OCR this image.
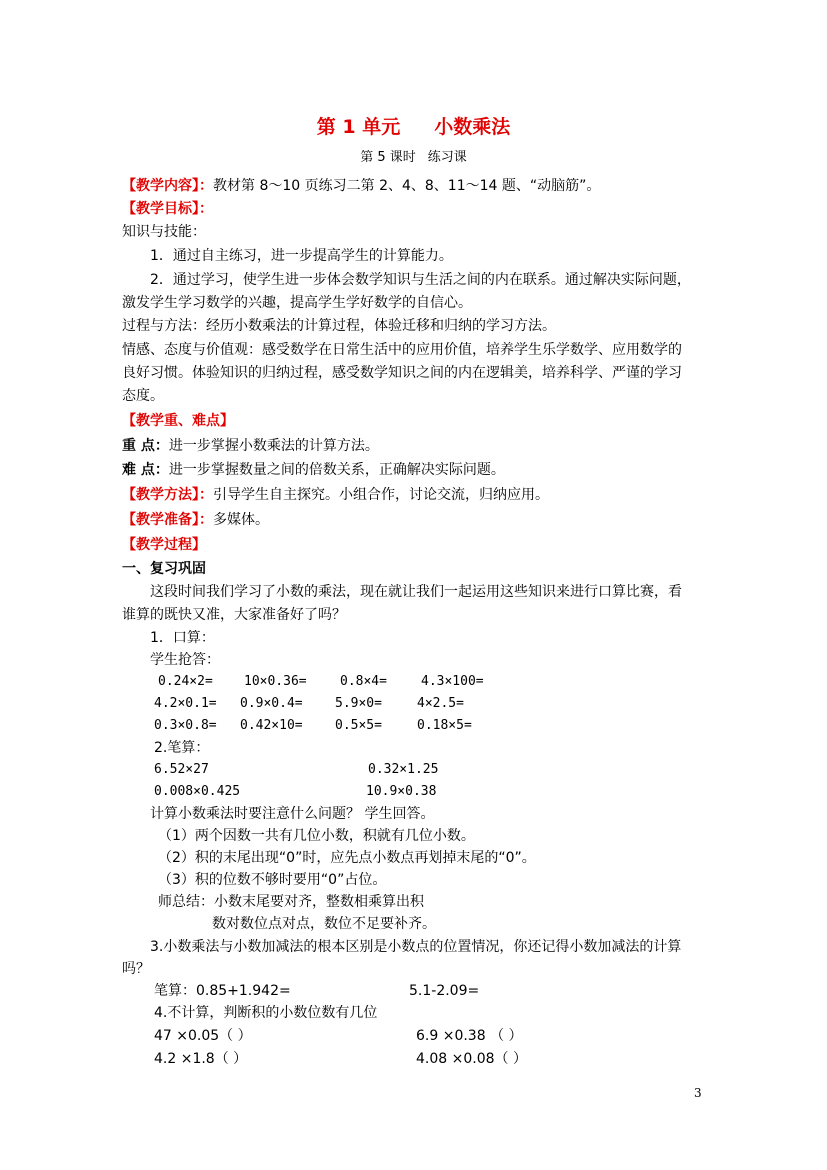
第 1 单元 小数乘法
第 5 课时 练习课
【教学内容】：教材第 8～10 页练习二第 2、4、8、11～14 题、“动脑筋”。
【教学目标】：
知识与技能：
1．通过自主练习，进一步提高学生的计算能力。
2．通过学习，使学生进一步体会数学知识与生活之间的内在联系。通过解决实际问题，
激发学生学习数学的兴趣，提高学生学好数学的自信心。
过程与方法：经历小数乘法的计算过程，体验迁移和归纳的学习方法。
情感、态度与价值观：感受数学在日常生活中的应用价值，培养学生乐学数学、应用数学的
良好习惯。体验知识的归纳过程，感受数学知识之间的内在逻辑美，培养科学、严谨的学习
态度。
【教学重、难点】
重 点：进一步掌握小数乘法的计算方法。
难 点：进一步掌握数量之间的倍数关系，正确解决实际问题。
【教学方法】：引导学生自主探究。小组合作，讨论交流，归纳应用。
【教学准备】：多媒体。
【教学过程】
一、复习巩固
这段时间我们学习了小数的乘法，现在就让我们一起运用这些知识来进行口算比赛，看
谁算的既快又准，大家准备好了吗？
1．口算：
学生抢答：
0.24×2= 10×0.36=	0.8×4=	4.3×100=
4.2×0.1= 0.9×0.4= 5.9×0=	4×2.5=
0.3×0.8= 0.42×10= 0.5×5=	0.18×5=
2.笔算：
6.52×27	0.32×1.25
0.008×0.425	10.9×0.38
计算小数乘法时要注意什么问题？ 学生回答。
（1）两个因数一共有几位小数，积就有几位小数。
（2）积的末尾出现“0”时，应先点小数点再划掉末尾的“0”。
（3）积的位数不够时要用“0”占位。
师总结：小数末尾要对齐，整数相乘算出积
数对数位点对点，数位不足要补齐。
3.小数乘法与小数加减法的根本区别是小数点的位置情况，你还记得小数加减法的计算
吗？
笔算：0.85+1.942=	5.1-2.09=
4.不计算，判断积的小数位数有几位
47 ×0.05（ ）	6.9 ×0.38 （ ）
4.2 ×1.8（ ）	4.08 ×0.08（ ）
3
